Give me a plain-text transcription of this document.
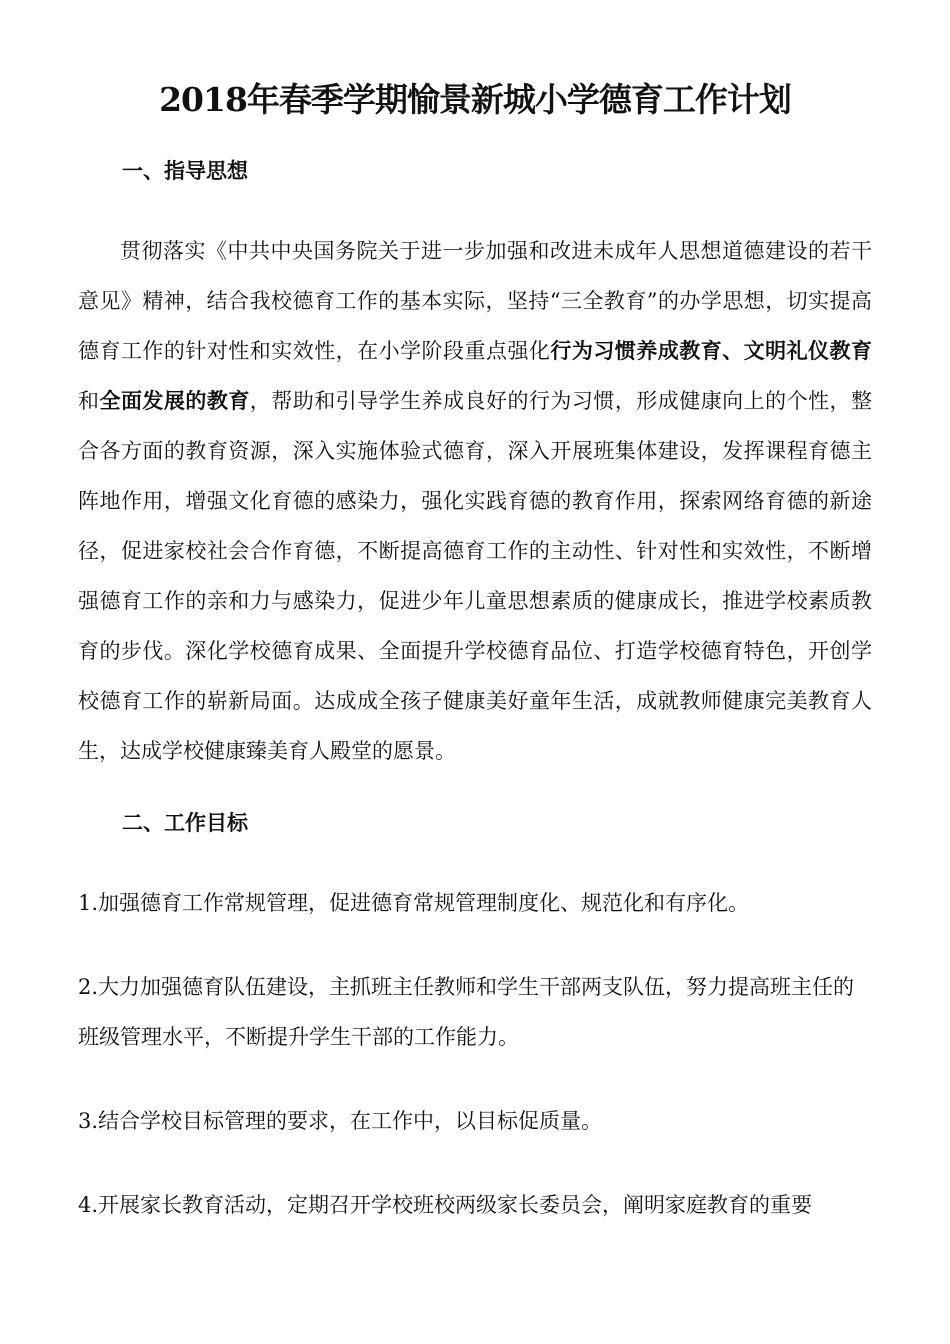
2018年春季学期愉景新城小学德育工作计划
一、指导思想

贯彻落实《中共中央国务院关于进一步加强和改进未成年人思想道德建设的若干意见》精神，结合我校德育工作的基本实际，坚持“三全教育”的办学思想，切实提高德育工作的针对性和实效性，在小学阶段重点强化行为习惯养成教育、文明礼仪教育和全面发展的教育，帮助和引导学生养成良好的行为习惯，形成健康向上的个性，整合各方面的教育资源，深入实施体验式德育，深入开展班集体建设，发挥课程育德主阵地作用，增强文化育德的感染力，强化实践育德的教育作用，探索网络育德的新途径，促进家校社会合作育德，不断提高德育工作的主动性、针对性和实效性，不断增强德育工作的亲和力与感染力，促进少年儿童思想素质的健康成长，推进学校素质教育的步伐。深化学校德育成果、全面提升学校德育品位、打造学校德育特色，开创学校德育工作的崭新局面。达成成全孩子健康美好童年生活，成就教师健康完美教育人生，达成学校健康臻美育人殿堂的愿景。

二、工作目标

1.加强德育工作常规管理，促进德育常规管理制度化、规范化和有序化。

2.大力加强德育队伍建设，主抓班主任教师和学生干部两支队伍，努力提高班主任的班级管理水平，不断提升学生干部的工作能力。

3.结合学校目标管理的要求，在工作中，以目标促质量。

4.开展家长教育活动，定期召开学校班校两级家长委员会，阐明家庭教育的重要
